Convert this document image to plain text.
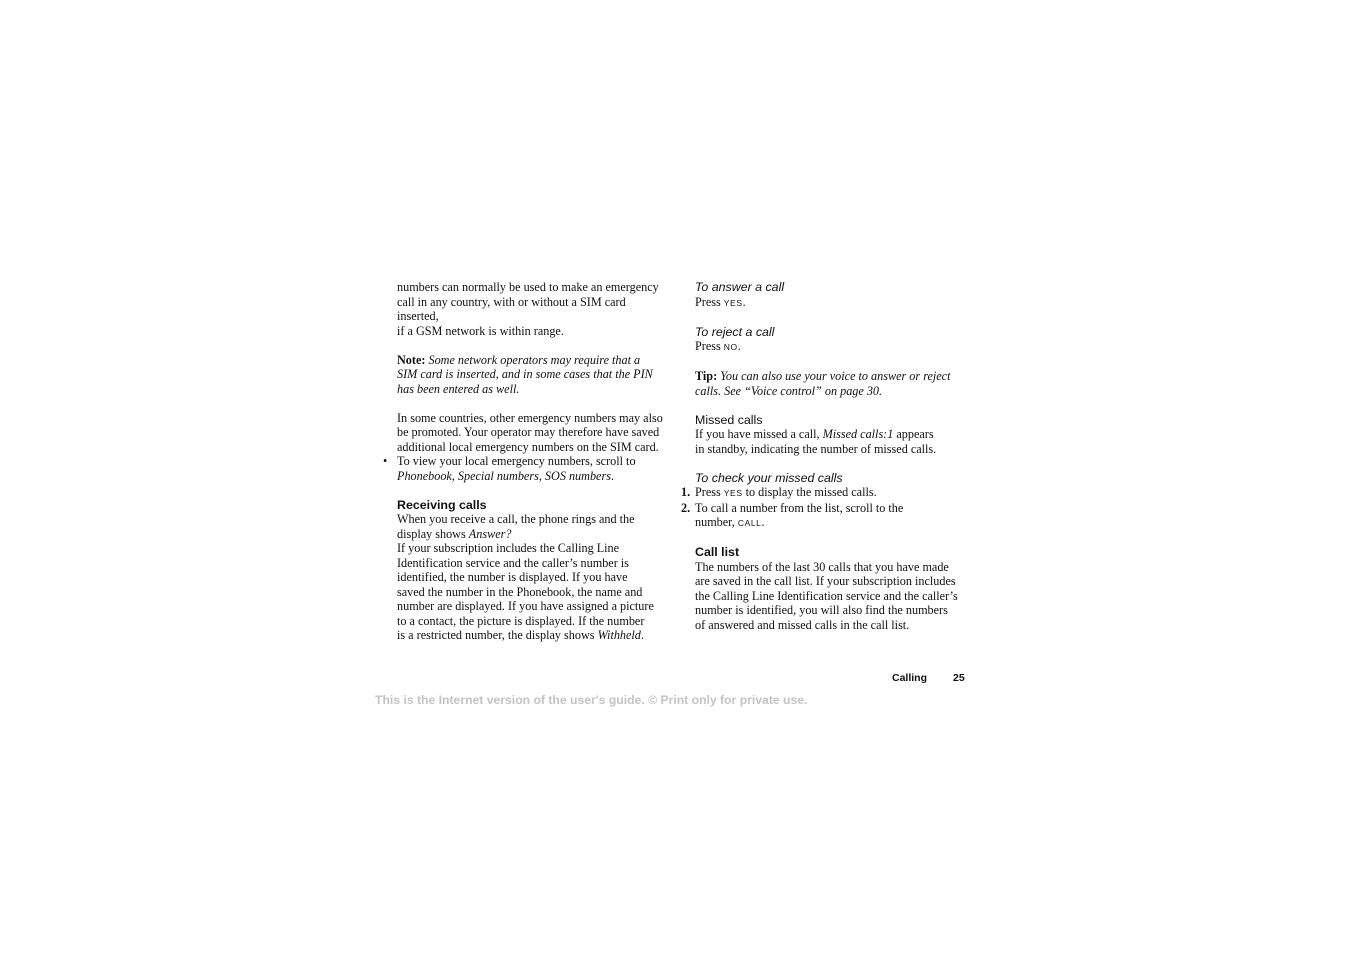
numbers can normally be used to make an emergency

call in any country, with or without a SIM card inserted,

if a GSM network is within range.

Note: Some network operators may require that a

SIM card is inserted, and in some cases that the PIN

has been entered as well.

In some countries, other emergency numbers may also

be promoted. Your operator may therefore have saved

additional local emergency numbers on the SIM card.

• To view your local emergency numbers, scroll to

Phonebook, Special numbers, SOS numbers.

Receiving calls

When you receive a call, the phone rings and the

display shows Answer?

If your subscription includes the Calling Line

Identification service and the caller’s number is

identified, the number is displayed. If you have

saved the number in the Phonebook, the name and

number are displayed. If you have assigned a picture

to a contact, the picture is displayed. If the number

is a restricted number, the display shows Withheld.

To answer a call

Press YES.

To reject a call

Press NO.

Tip: You can also use your voice to answer or reject

calls. See “Voice control” on page 30.

Missed calls

If you have missed a call, Missed calls:1 appears

in standby, indicating the number of missed calls.

To check your missed calls

1. Press YES to display the missed calls.

2. To call a number from the list, scroll to the

number, CALL.

Call list

The numbers of the last 30 calls that you have made

are saved in the call list. If your subscription includes

the Calling Line Identification service and the caller’s

number is identified, you will also find the numbers

of answered and missed calls in the call list.

Calling 25
This is the Internet version of the user's guide. © Print only for private use.
